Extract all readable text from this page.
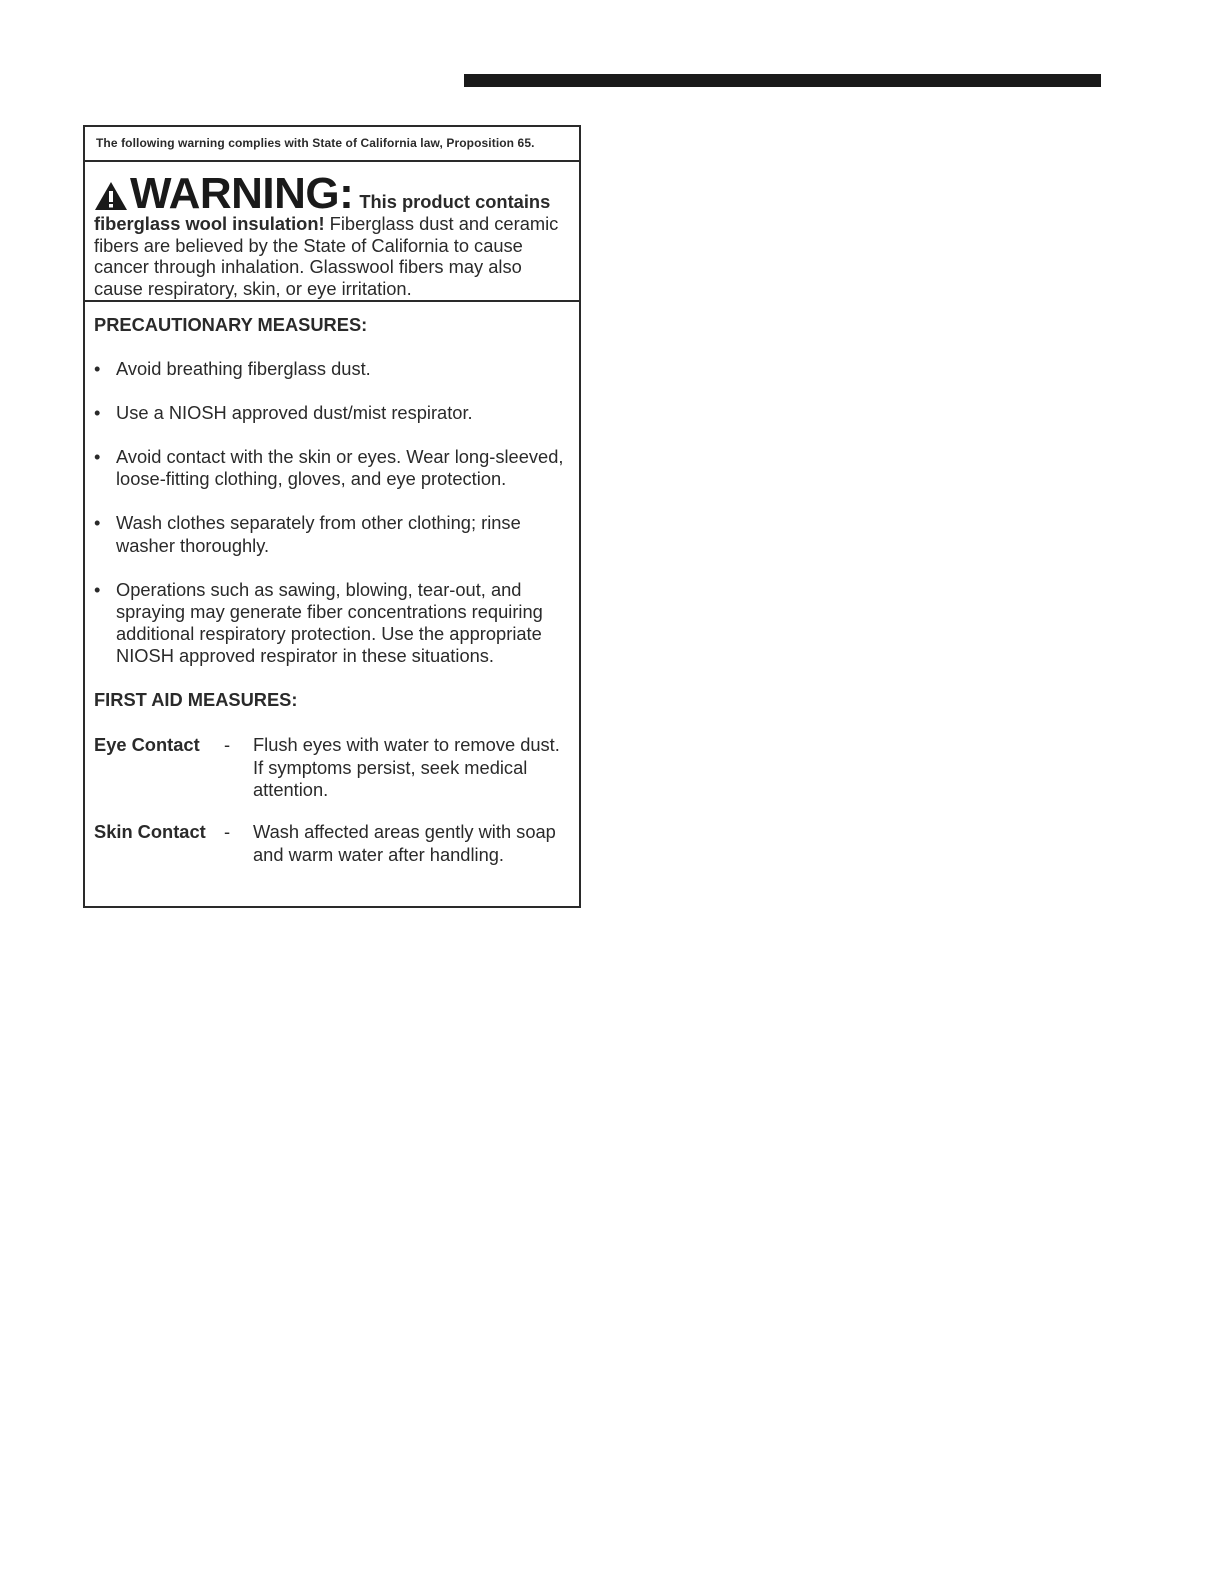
The following warning complies with State of California law, Proposition 65.
WARNING: This product contains
fiberglass wool insulation! Fiberglass dust and ceramic fibers are believed by the State of California to cause cancer through inhalation. Glasswool fibers may also cause respiratory, skin, or eye irritation.
PRECAUTIONARY MEASURES:
• Avoid breathing fiberglass dust.
• Use a NIOSH approved dust/mist respirator.
• Avoid contact with the skin or eyes. Wear long-sleeved, loose-fitting clothing, gloves, and eye protection.
• Wash clothes separately from other clothing; rinse washer thoroughly.
• Operations such as sawing, blowing, tear-out, and spraying may generate fiber concentrations requiring additional respiratory protection. Use the appropriate NIOSH approved respirator in these situations.
FIRST AID MEASURES:
Eye Contact	-	Flush eyes with water to remove dust. If symptoms persist, seek medical attention.
Skin Contact -	Wash affected areas gently with soap and warm water after handling.
